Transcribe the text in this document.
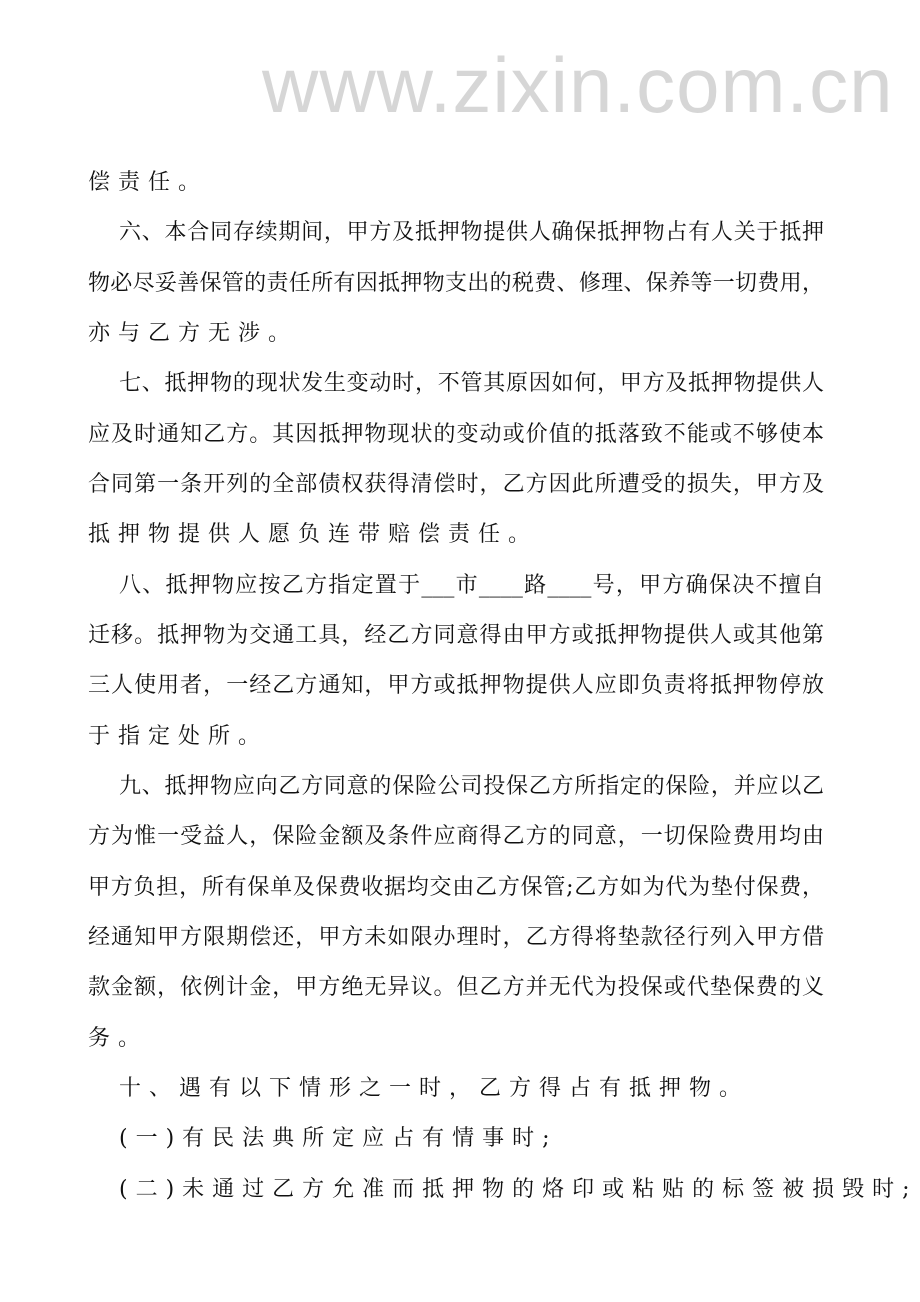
www.zixin.com.cn
偿责任。
六、本合同存续期间，甲方及抵押物提供人确保抵押物占有人关于抵押
物必尽妥善保管的责任所有因抵押物支出的税费、修理、保养等一切费用，
亦与乙方无涉。
七、抵押物的现状发生变动时，不管其原因如何，甲方及抵押物提供人
应及时通知乙方。其因抵押物现状的变动或价值的抵落致不能或不够使本
合同第一条开列的全部债权获得清偿时，乙方因此所遭受的损失，甲方及
抵押物提供人愿负连带赔偿责任。
八、抵押物应按乙方指定置于___市____路____号，甲方确保决不擅自
迁移。抵押物为交通工具，经乙方同意得由甲方或抵押物提供人或其他第
三人使用者，一经乙方通知，甲方或抵押物提供人应即负责将抵押物停放
于指定处所。
九、抵押物应向乙方同意的保险公司投保乙方所指定的保险，并应以乙
方为惟一受益人，保险金额及条件应商得乙方的同意，一切保险费用均由
甲方负担，所有保单及保费收据均交由乙方保管;乙方如为代为垫付保费，
经通知甲方限期偿还，甲方未如限办理时，乙方得将垫款径行列入甲方借
款金额，依例计金，甲方绝无异议。但乙方并无代为投保或代垫保费的义
务。
十、遇有以下情形之一时，乙方得占有抵押物。
(一)有民法典所定应占有情事时;
(二)未通过乙方允准而抵押物的烙印或粘贴的标签被损毁时;
